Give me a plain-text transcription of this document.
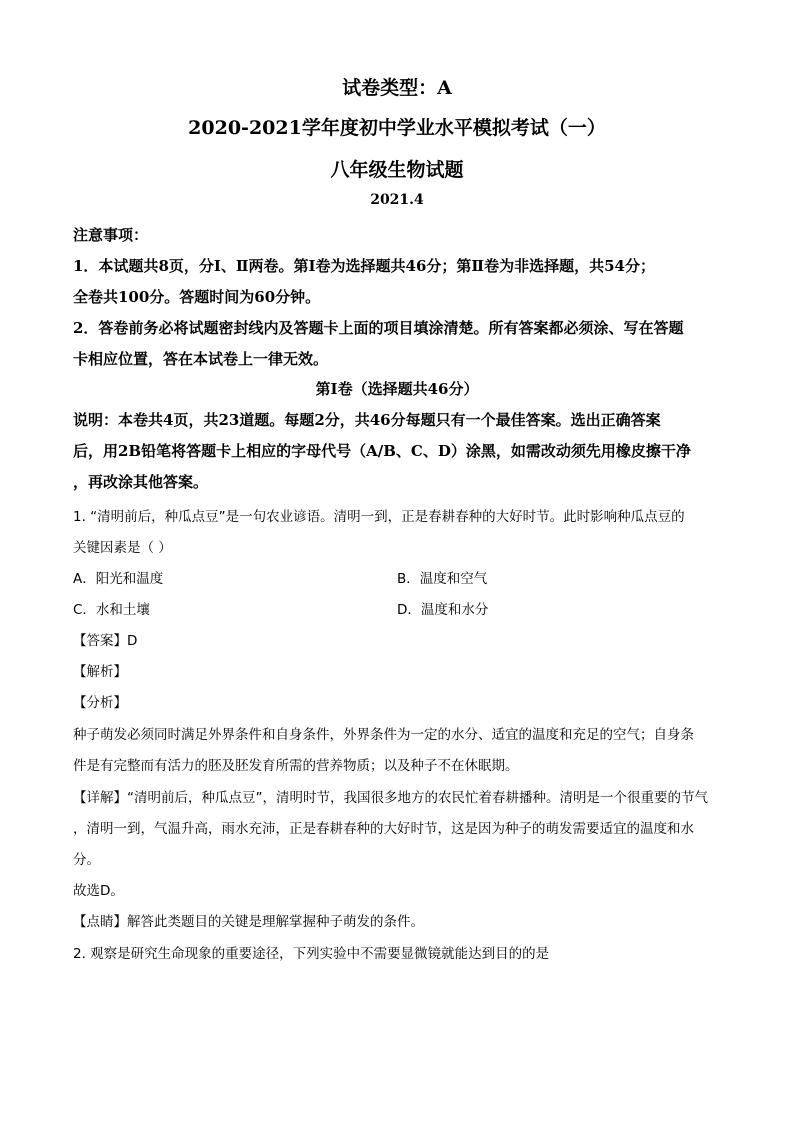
试卷类型：A
2020-2021学年度初中学业水平模拟考试（一）
八年级生物试题
2021.4
注意事项：
1．本试题共8页，分Ⅰ、Ⅱ两卷。第Ⅰ卷为选择题共46分；第Ⅱ卷为非选择题，共54分；
全卷共100分。答题时间为60分钟。
2．答卷前务必将试题密封线内及答题卡上面的项目填涂清楚。所有答案都必须涂、写在答题
卡相应位置，答在本试卷上一律无效。
第Ⅰ卷（选择题共46分）
说明：本卷共4页，共23道题。每题2分，共46分每题只有一个最佳答案。选出正确答案
后，用2B铅笔将答题卡上相应的字母代号（A/B、C、D）涂黑，如需改动须先用橡皮擦干净
，再改涂其他答案。
1. “清明前后，种瓜点豆”是一句农业谚语。清明一到，正是春耕春种的大好时节。此时影响种瓜点豆的
关键因素是（ ）
A．阳光和温度	B．温度和空气
C．水和土壤	D．温度和水分
【答案】D
【解析】
【分析】
种子萌发必须同时满足外界条件和自身条件，外界条件为一定的水分、适宜的温度和充足的空气；自身条
件是有完整而有活力的胚及胚发育所需的营养物质；以及种子不在休眠期。
【详解】“清明前后，种瓜点豆”，清明时节，我国很多地方的农民忙着春耕播种。清明是一个很重要的节气
，清明一到，气温升高，雨水充沛，正是春耕春种的大好时节，这是因为种子的萌发需要适宜的温度和水
分。
故选D。
【点睛】解答此类题目的关键是理解掌握种子萌发的条件。
2. 观察是研究生命现象的重要途径，下列实验中不需要显微镜就能达到目的的是
